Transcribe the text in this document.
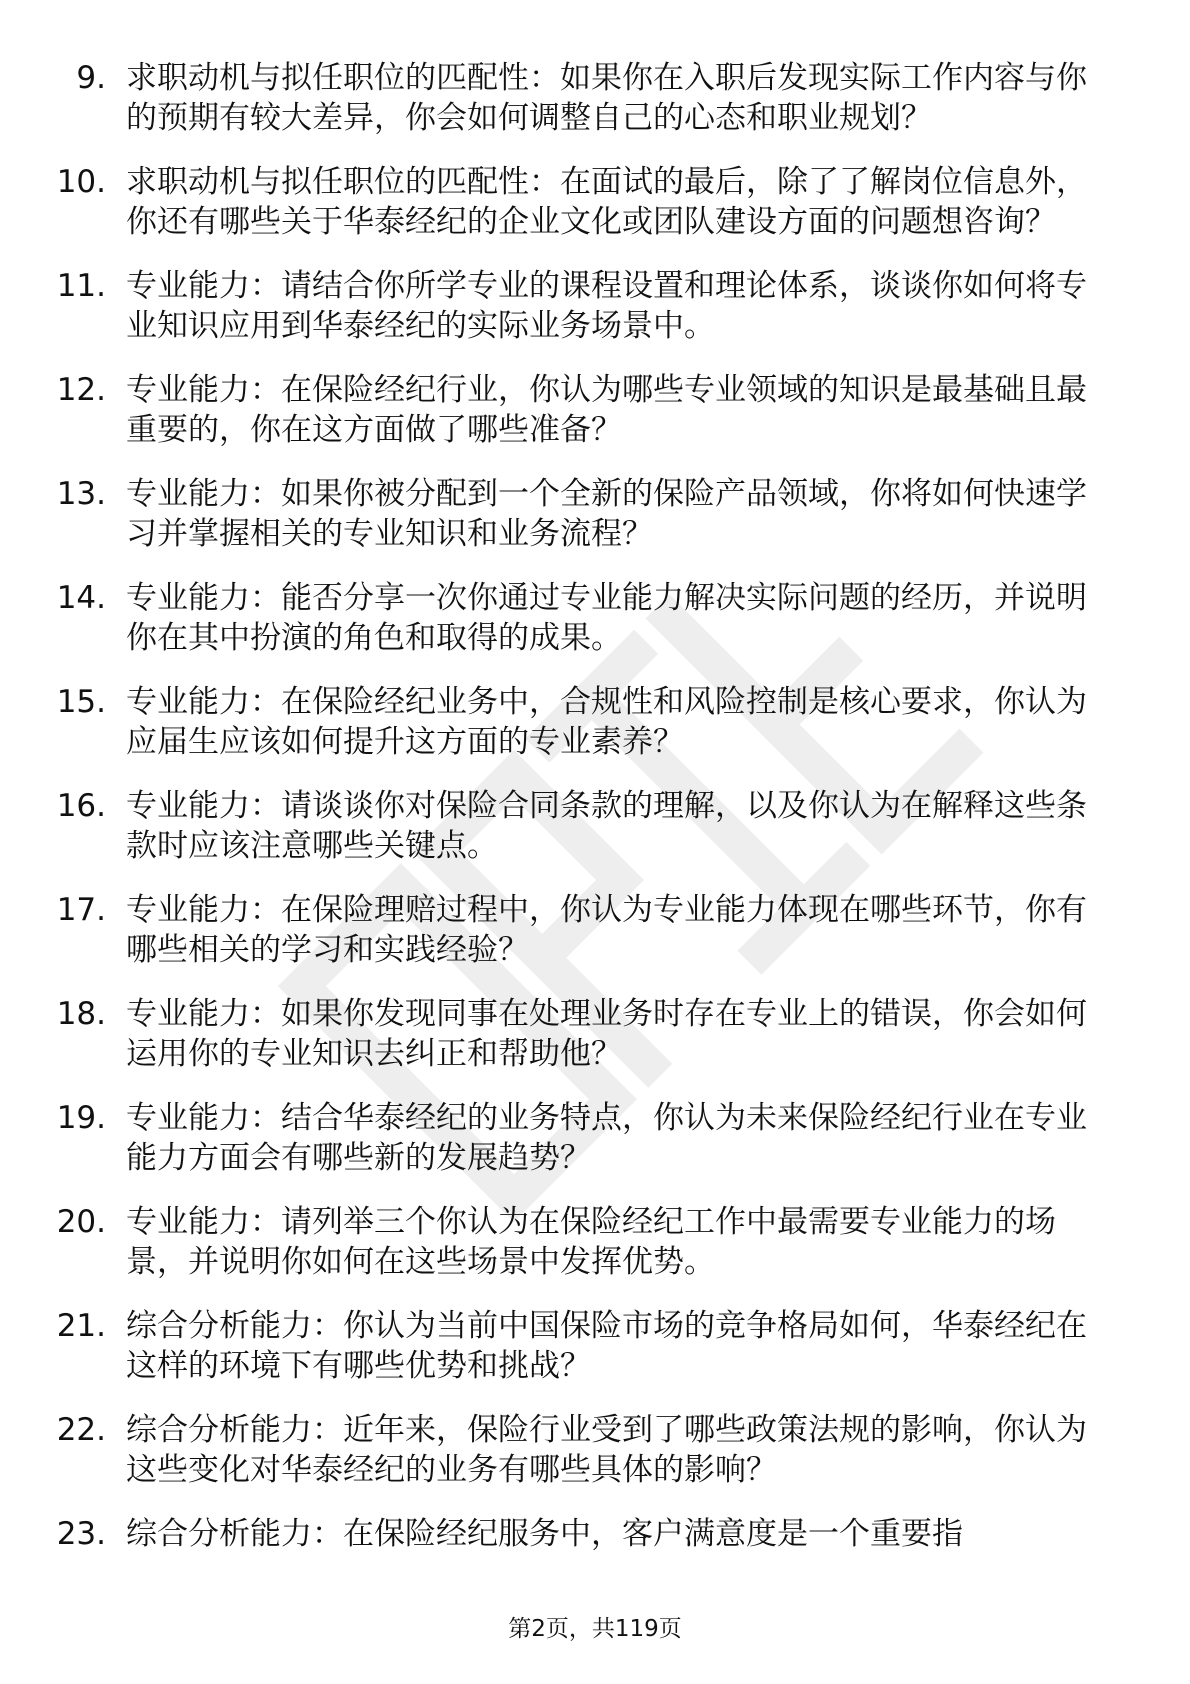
9. 求职动机与拟任职位的匹配性：如果你在入职后发现实际工作内容与你的预期有较大差异，你会如何调整自己的心态和职业规划？
10. 求职动机与拟任职位的匹配性：在面试的最后，除了了解岗位信息外，你还有哪些关于华泰经纪的企业文化或团队建设方面的问题想咨询？
11. 专业能力：请结合你所学专业的课程设置和理论体系，谈谈你如何将专业知识应用到华泰经纪的实际业务场景中。
12. 专业能力：在保险经纪行业，你认为哪些专业领域的知识是最基础且最重要的，你在这方面做了哪些准备？
13. 专业能力：如果你被分配到一个全新的保险产品领域，你将如何快速学习并掌握相关的专业知识和业务流程？
14. 专业能力：能否分享一次你通过专业能力解决实际问题的经历，并说明你在其中扮演的角色和取得的成果。
15. 专业能力：在保险经纪业务中，合规性和风险控制是核心要求，你认为应届生应该如何提升这方面的专业素养？
16. 专业能力：请谈谈你对保险合同条款的理解，以及你认为在解释这些条款时应该注意哪些关键点。
17. 专业能力：在保险理赔过程中，你认为专业能力体现在哪些环节，你有哪些相关的学习和实践经验？
18. 专业能力：如果你发现同事在处理业务时存在专业上的错误，你会如何运用你的专业知识去纠正和帮助他？
19. 专业能力：结合华泰经纪的业务特点，你认为未来保险经纪行业在专业能力方面会有哪些新的发展趋势？
20. 专业能力：请列举三个你认为在保险经纪工作中最需要专业能力的场景，并说明你如何在这些场景中发挥优势。
21. 综合分析能力：你认为当前中国保险市场的竞争格局如何，华泰经纪在这样的环境下有哪些优势和挑战？
22. 综合分析能力：近年来，保险行业受到了哪些政策法规的影响，你认为这些变化对华泰经纪的业务有哪些具体的影响？
23. 综合分析能力：在保险经纪服务中，客户满意度是一个重要指
第2页，共119页
